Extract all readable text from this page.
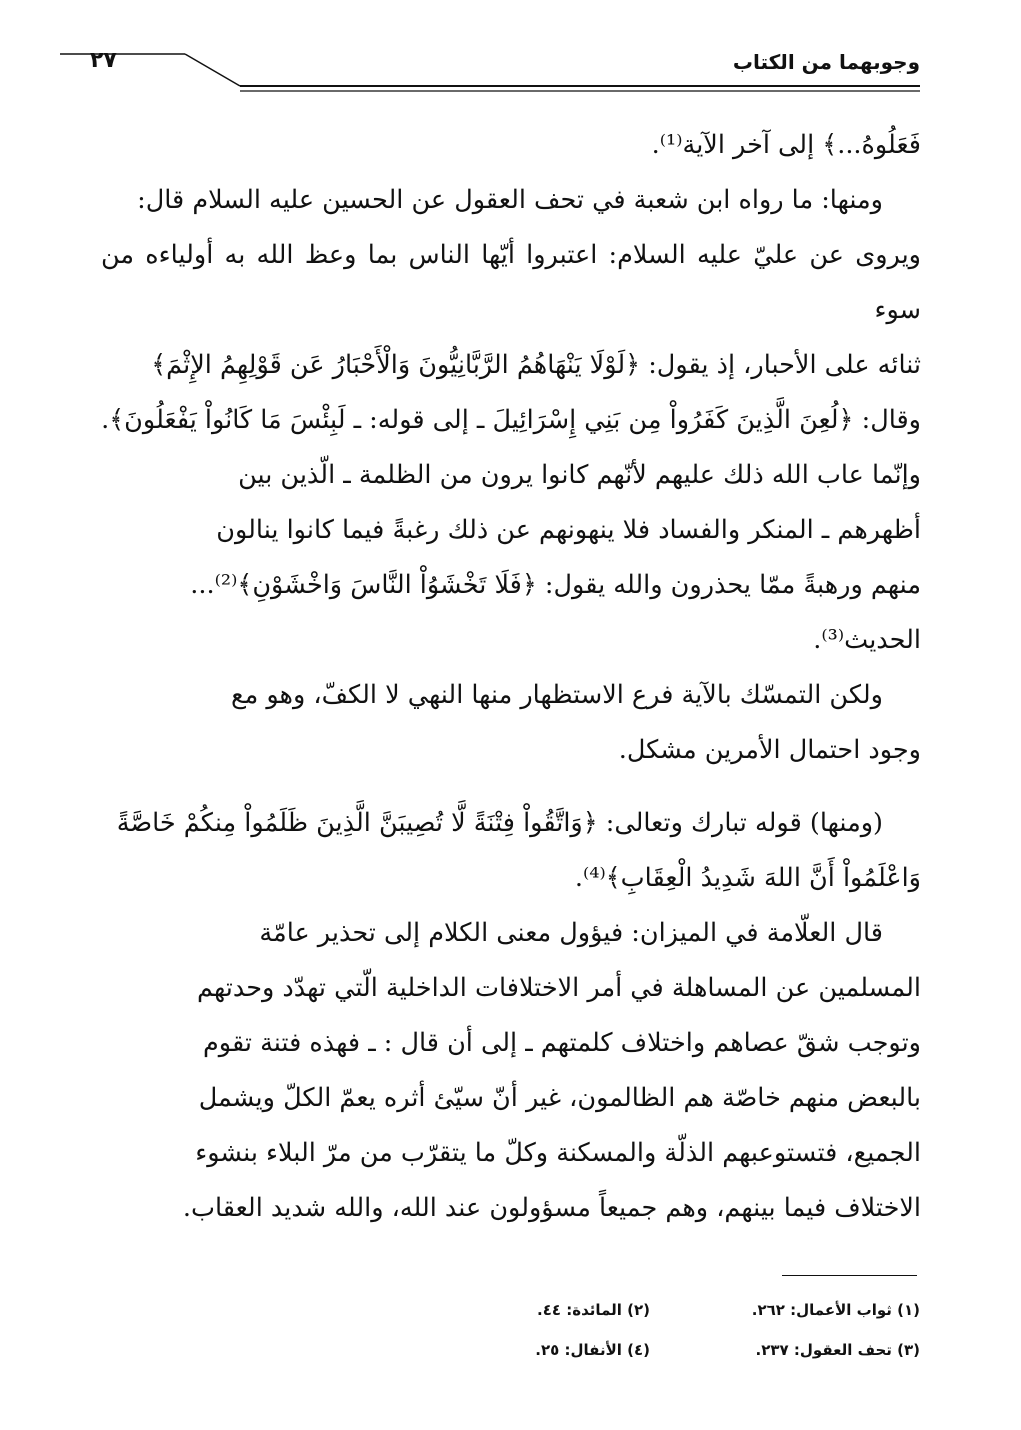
وجوبهما من الكتاب
٢٧

فَعَلُوهُ...﴾ إلى آخر الآية⁽¹⁾.

ومنها: ما رواه ابن شعبة في تحف العقول عن الحسين عليه السلام قال:

ويروى عن عليّ عليه السلام: اعتبروا أيّها الناس بما وعظ الله به أولياءه من سوء

ثنائه على الأحبار، إذ يقول: ﴿لَوْلَا يَنْهَاهُمُ الرَّبَّانِيُّونَ وَالْأَحْبَارُ عَن قَوْلِهِمُ الإِثْمَ﴾

وقال: ﴿لُعِنَ الَّذِينَ كَفَرُواْ مِن بَنِي إِسْرَائِيلَ ـ إلى قوله: ـ لَبِئْسَ مَا كَانُواْ يَفْعَلُونَ﴾.

وإنّما عاب الله ذلك عليهم لأنّهم كانوا يرون من الظلمة ـ الّذين بين

أظهرهم ـ المنكر والفساد فلا ينهونهم عن ذلك رغبةً فيما كانوا ينالون

منهم ورهبةً ممّا يحذرون والله يقول: ﴿فَلَا تَخْشَوُاْ النَّاسَ وَاخْشَوْنِ﴾⁽²⁾...

الحديث⁽³⁾.

ولكن التمسّك بالآية فرع الاستظهار منها النهي لا الكفّ، وهو مع

وجود احتمال الأمرين مشكل.

(ومنها) قوله تبارك وتعالى: ﴿وَاتَّقُواْ فِتْنَةً لَّا تُصِيبَنَّ الَّذِينَ ظَلَمُواْ مِنكُمْ خَاصَّةً

وَاعْلَمُواْ أَنَّ اللهَ شَدِيدُ الْعِقَابِ﴾⁽⁴⁾.

قال العلّامة في الميزان: فيؤول معنى الكلام إلى تحذير عامّة

المسلمين عن المساهلة في أمر الاختلافات الداخلية الّتي تهدّد وحدتهم

وتوجب شقّ عصاهم واختلاف كلمتهم ـ إلى أن قال : ـ فهذه فتنة تقوم

بالبعض منهم خاصّة هم الظالمون، غير أنّ سيّئ أثره يعمّ الكلّ ويشمل

الجميع، فتستوعبهم الذلّة والمسكنة وكلّ ما يتقرّب من مرّ البلاء بنشوء

الاختلاف فيما بينهم، وهم جميعاً مسؤولون عند الله، والله شديد العقاب.

(١) ثواب الأعمال: ٢٦٢.
(٢) المائدة: ٤٤.
(٣) تحف العقول: ٢٣٧.
(٤) الأنفال: ٢٥.
